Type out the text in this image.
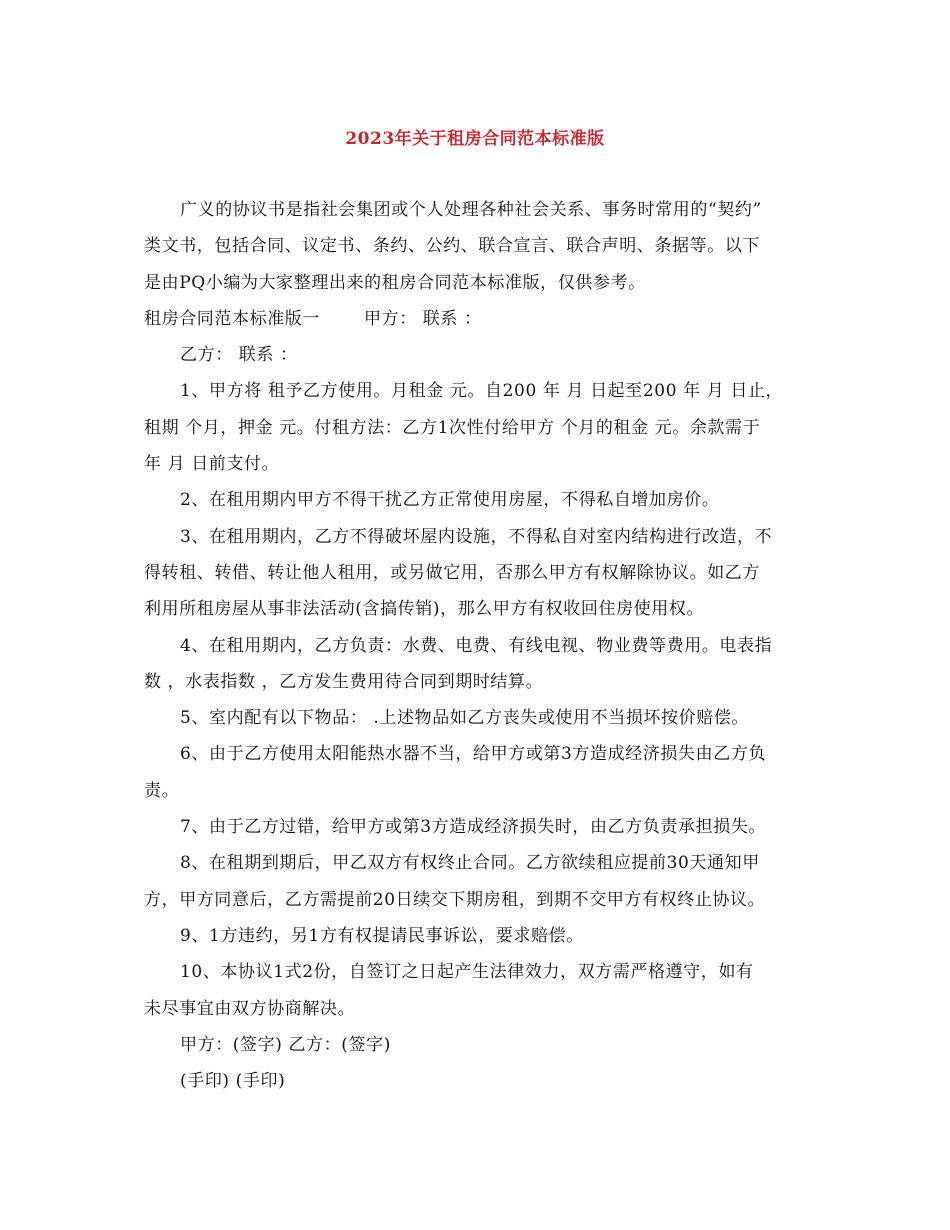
2023年关于租房合同范本标准版

广义的协议书是指社会集团或个人处理各种社会关系、事务时常用的“契约”

类文书，包括合同、议定书、条约、公约、联合宣言、联合声明、条据等。以下

是由PQ小编为大家整理出来的租房合同范本标准版，仅供参考。

租房合同范本标准版一	甲方： 联系 ：

乙方： 联系 ：

1、甲方将 租予乙方使用。月租金 元。自200 年 月 日起至200 年 月 日止，

租期 个月，押金 元。付租方法：乙方1次性付给甲方 个月的租金 元。余款需于

年 月 日前支付。

2、在租用期内甲方不得干扰乙方正常使用房屋，不得私自增加房价。

3、在租用期内，乙方不得破坏屋内设施，不得私自对室内结构进行改造，不

得转租、转借、转让他人租用，或另做它用，否那么甲方有权解除协议。如乙方

利用所租房屋从事非法活动(含搞传销)，那么甲方有权收回住房使用权。

4、在租用期内，乙方负责：水费、电费、有线电视、物业费等费用。电表指

数 ，水表指数 ，乙方发生费用待合同到期时结算。

5、室内配有以下物品： .上述物品如乙方丧失或使用不当损坏按价赔偿。

6、由于乙方使用太阳能热水器不当，给甲方或第3方造成经济损失由乙方负

责。

7、由于乙方过错，给甲方或第3方造成经济损失时，由乙方负责承担损失。

8、在租期到期后，甲乙双方有权终止合同。乙方欲续租应提前30天通知甲

方，甲方同意后，乙方需提前20日续交下期房租，到期不交甲方有权终止协议。

9、1方违约，另1方有权提请民事诉讼，要求赔偿。

10、本协议1式2份，自签订之日起产生法律效力，双方需严格遵守，如有

未尽事宜由双方协商解决。

甲方：(签字) 乙方：(签字)

(手印) (手印)
